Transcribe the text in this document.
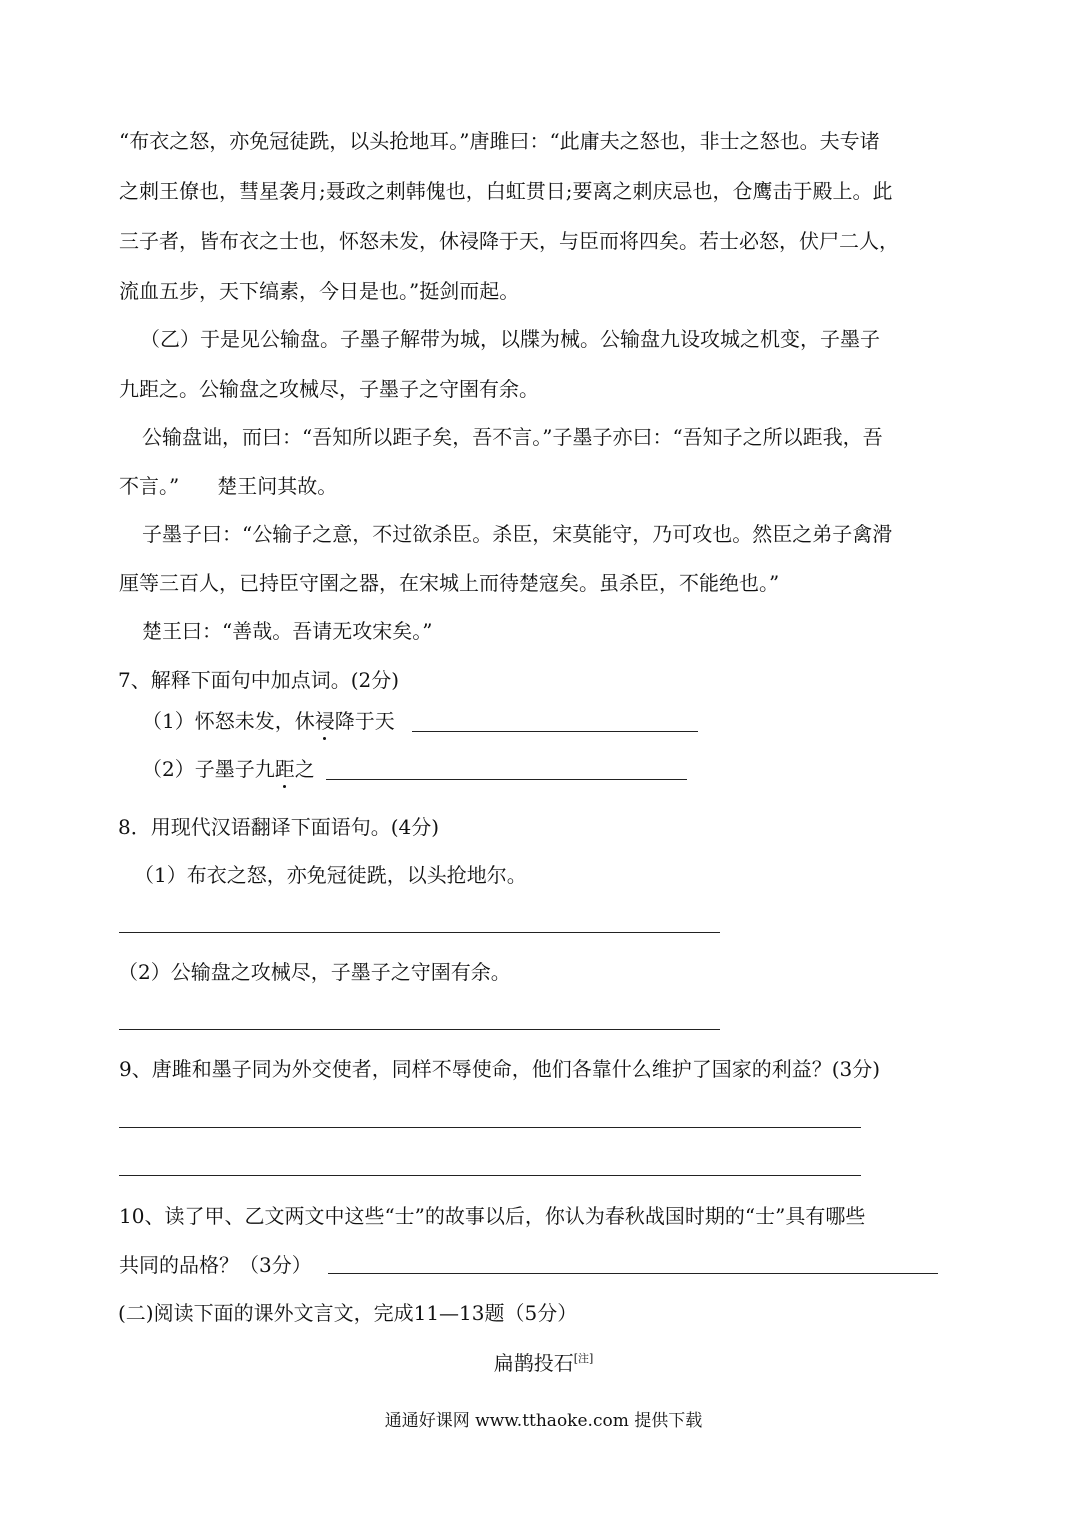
“布衣之怒，亦免冠徒跣，以头抢地耳。”唐雎曰：“此庸夫之怒也，非士之怒也。夫专诸
之刺王僚也，彗星袭月;聂政之刺韩傀也，白虹贯日;要离之刺庆忌也，仓鹰击于殿上。此
三子者，皆布衣之士也，怀怒未发，休祲降于天，与臣而将四矣。若士必怒，伏尸二人，
流血五步，天下缟素，今日是也。”挺剑而起。
（乙）于是见公输盘。子墨子解带为城，以牒为械。公输盘九设攻城之机变，子墨子
九距之。公输盘之攻械尽，子墨子之守圉有余。
公输盘诎，而曰：“吾知所以距子矣，吾不言。”子墨子亦曰：“吾知子之所以距我，吾
不言。” 楚王问其故。
子墨子曰：“公输子之意，不过欲杀臣。杀臣，宋莫能守，乃可攻也。然臣之弟子禽滑
厘等三百人，已持臣守圉之器，在宋城上而待楚寇矣。虽杀臣，不能绝也。”
楚王曰：“善哉。吾请无攻宋矣。”
7、解释下面句中加点词。(2分)
（1）怀怒未发，休祲降于天
（2）子墨子九距之
8．用现代汉语翻译下面语句。(4分)
（1）布衣之怒，亦免冠徒跣，以头抢地尔。
（2）公输盘之攻械尽，子墨子之守圉有余。
9、唐雎和墨子同为外交使者，同样不辱使命，他们各靠什么维护了国家的利益？(3分)
10、读了甲、乙文两文中这些“士”的故事以后，你认为春秋战国时期的“士”具有哪些
共同的品格？（3分）
(二)阅读下面的课外文言文，完成11—13题（5分）
扁鹊投石[注]
通通好课网 www.tthaoke.com 提供下载
